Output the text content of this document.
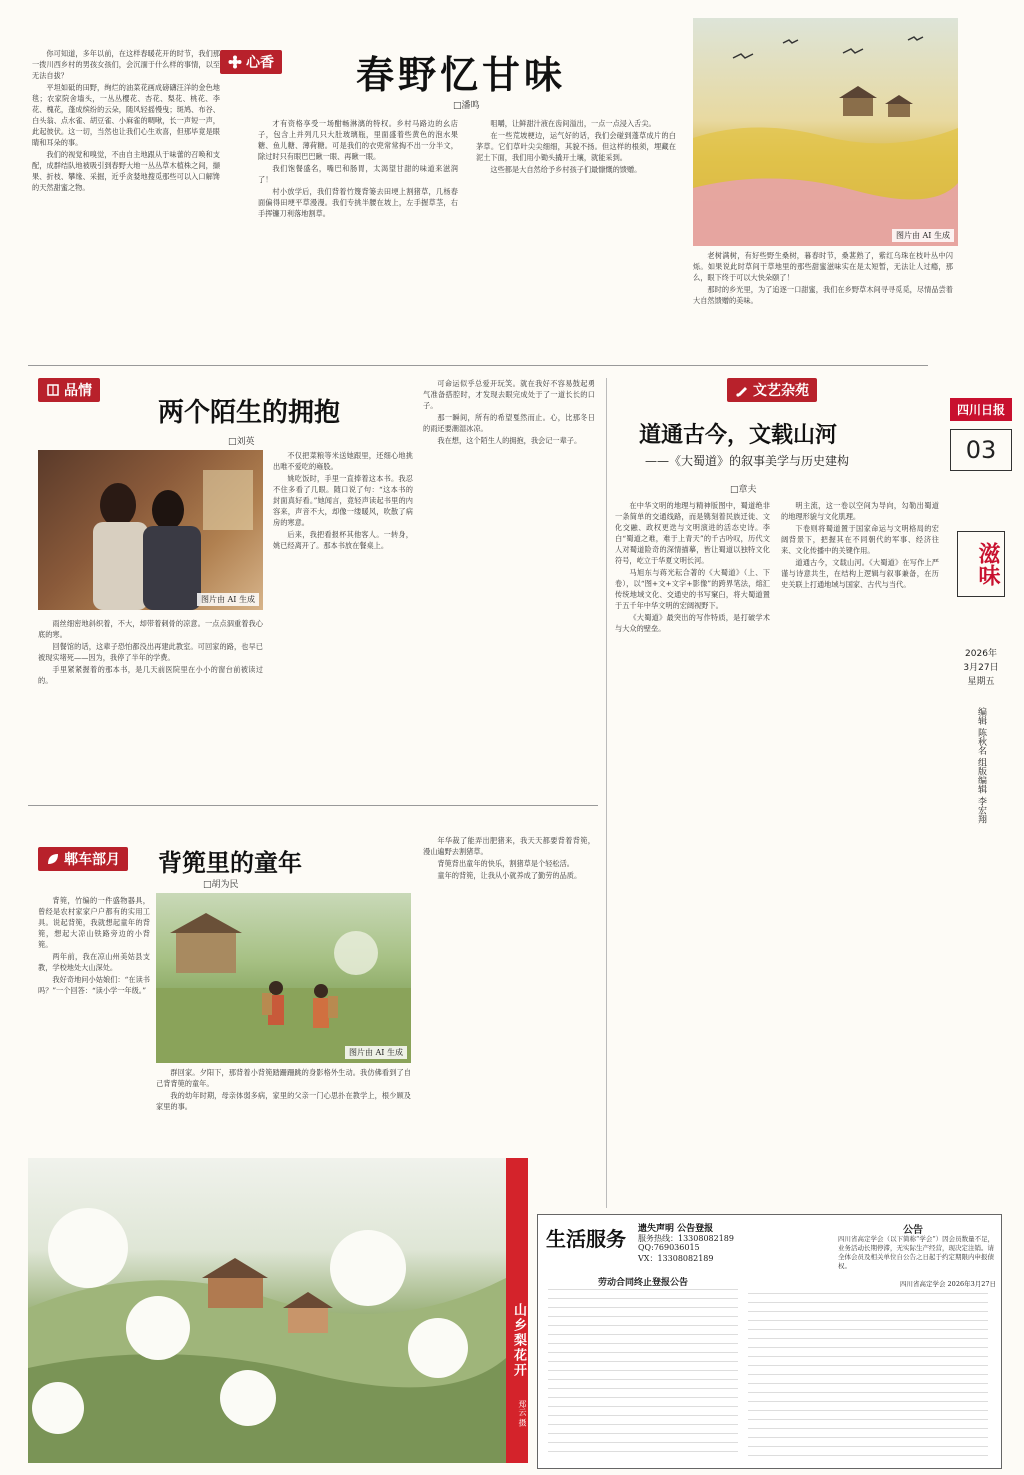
心香 春野忆甘味
□潘鸣

你可知道，多年以前，在这样春暖花开的时节，我们那一拨川西乡村的男孩女孩们，会沉湎于什么样的事情，以至无法自拔？

平坦如砥的田野，绚烂的油菜花画成磅礴汪洋的金色地毯；农家院舍墙头，一丛丛樱花、杏花、梨花、桃花、李花、槐花，蓬成缤纷的云朵，随风轻摇慢曳；斑鸠、布谷、白头翁、点水雀、胡豆雀、小麻雀的啁啾，长一声短一声，此起彼伏。这一切，当然也让我们心生欢喜，但那毕竟是眼睛和耳朵的事。

我们的视觉和嗅觉，不由自主地跟从于味蕾的召唤和支配，成群结队地被吸引到春野大地一丛丛草木植株之间，撷果、折枝、攀缘、采掘，近乎贪婪地搜觅那些可以入口解馋的天然甜蜜之物。

才有资格享受一场酣畅淋漓的特权。乡村马路边的幺店子，包含上并列几只大肚玻璃瓶，里面盛着些黄色的泡水果糖、鱼儿糖、薄荷糖。可是我们的衣兜常常掏不出一分半文，除过时只有眼巴巴瞅一眼、再瞅一眼。

我们饱餐盛名，嘴巴和肠胃，太渴望甘甜的味道来滋润了！

村小放学后，我们背着竹篾背篓去田埂上割猪草，几杨春面偏得田埂平草漫漫。我们专挑半腰在坡上，左手握草茎，右手挥镰刀利落地割草。

咀嚼，让鲜甜汁液在齿间溢出，一点一点浸入舌尖。

在一些荒坡梗边，运气好的话，我们会碰到蓬草成片的白茅草。它们草叶尖尖细细，其貌不扬。但这样的根须，埋藏在泥土下面，我们用小锄头撬开土壤，就能采到。

这些都是大自然给予乡村孩子们最慷慨的馈赠。

图片由 AI 生成

老树满树，有好些野生桑树，暮春时节，桑葚熟了，紫红乌珠在枝叶丛中闪烁。如果说此时草间干草地里的那些甜蜜滋味实在是太短暂，无法让人过瘾，那么，眼下终于可以大快朵颐了！

那时的乡光里，为了追逐一口甜蜜，我们在乡野草木间寻寻觅觅，尽情品尝着大自然馈赠的美味。

四川日报
03
滋味
2026年
3月27日
星期五
编辑 陈秋名 组版编辑 李宏翔
品情
两个陌生的拥抱
□刘英
图片由 AI 生成

雨丝细密地斜织着，不大，却带着刺骨的凉意。一点点泅重着我心底的寒。

回餐馆的话，这辈子恐怕都没出再建此教室。可回家的路，也早已被现实堵死——因为，我停了半年的学费。

手里紧紧握着的那本书，是几天前医院里在小小的窗台前被读过的。

不仅把菜粮等米送她跟里，还细心地挑出唯不爱吃的雍股。

姚吃饭时，手里一直捧着这本书。我忍不住多看了几眼。随口说了句：“这本书的封面真好看。”她闻言，竟轻声读起书里的内容来，声音不大，却像一缕暖风，吹散了病房的寒意。

后来，我把看报杯其他客人。一转身，姚已经离开了。那本书放在餐桌上。

可命运似乎总爱开玩笑。就在我好不容易鼓起勇气准备搭腔时，才发现去眼完成处于了一道长长的口子。

那一瞬间，所有的希望戛然而止。心，比那冬日的雨还要潮湿冰凉。

我在想，这个陌生人的拥抱，我会记一辈子。

郫车部月 背篼里的童年
□胡为民

背篼，竹编的一件盛物器具，曾经是农村家家户户都有的实用工具。说起背篼，我就想起童年的背篼，想起大凉山铁路旁边的小背篼。

两年前，我在凉山州美姑县支教，学校地处大山深处。

我好奇地问小姑娘们：“在读书吗？”一个回答：“读小学一年级。”

图片由 AI 生成

群回家。夕阳下，那背着小背篼踏跚跚跳的身影格外生动。我仿佛看到了自己背背篼的童年。

我的幼年时期，母亲体弱多病，家里的父亲一门心思扑在教学上，根少顾及家里的事。

年华裁了能弄出肥猪来，我天天都要背着背篼，漫山遍野去割猪草。

背篼背出童年的快乐，割猪草是个轻松活。

童年的背篼，让我从小就养成了勤劳的品质。

文艺杂苑
道通古今，文载山河
——《大蜀道》的叙事美学与历史建构
□章夫

在中华文明的地理与精神版图中，蜀道绝非一条简单的交通线路，而是镌刻着民族迁徙、文化交融、政权更迭与文明演进的活态史诗。李白“蜀道之难，难于上青天”的千古吟叹，历代文人对蜀道险奇的深情描摹，皆让蜀道以独特文化符号，屹立于华夏文明长河。

马旭东与蒋光耘合著的《大蜀道》（上、下卷），以“图+文+文字+影像”的跨界笔法，熔汇传统地域文化、交通史的书写窠臼，将大蜀道置于五千年中华文明的宏阔视野下。

《大蜀道》最突出的写作特质，是打破学术与大众的壁垒。

明主流，这一卷以空间为导向，勾勒出蜀道的地理形貌与文化肌理。

下卷则将蜀道置于国家命运与文明格局的宏阔背景下，把握其在不同朝代的军事、经济往来、文化传播中的关键作用。

道通古今，文载山河。《大蜀道》在写作上严谨与诗意共生，在结构上逻辑与叙事兼备，在历史关联上打通地域与国家、古代与当代。

山乡梨花开
郑云 摄
生活服务 遗失声明 公告登报
服务热线：13308082189
QQ:769036015
VX：13308082189
劳动合同终止登报公告
公告

四川省高定学会（以下简称“学会”）因会员数量不足，业务活动长期停滞，无实际生产经营，现决定注销。请全体会员及相关单位自公告之日起于约定期限内申报债权。

四川省高定学会 2026年3月27日
